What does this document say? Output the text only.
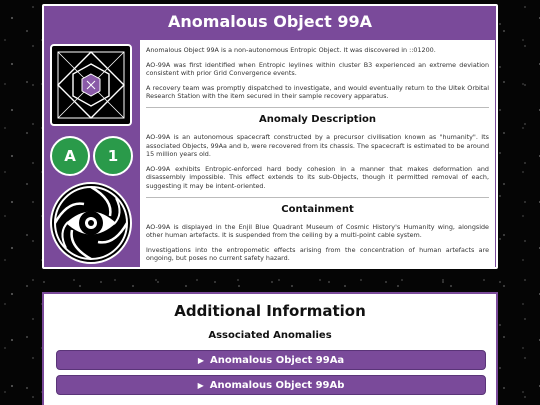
Anomalous Object 99A
A	1

Anomalous Object 99A is a non-autonomous Entropic Object. It was discovered in ::01200.

AO-99A was first identified when Entropic leylines within cluster B3 experienced an extreme deviation consistent with prior Grid Convergence events.

A recovery team was promptly dispatched to investigate, and would eventually return to the Ultek Orbital Research Station with the item secured in their sample recovery apparatus.

Anomaly Description

AO-99A is an autonomous spacecraft constructed by a precursor civilisation known as "humanity". Its associated Objects, 99Aa and b, were recovered from its chassis. The spacecraft is estimated to be around 15 million years old.

AO-99A exhibits Entropic-enforced hard body cohesion in a manner that makes deformation and disassembly impossible. This effect extends to its sub-Objects, though it permitted removal of each, suggesting it may be intent-oriented.

Containment

AO-99A is displayed in the Enjil Blue Quadrant Museum of Cosmic History's Humanity wing, alongside other human artefacts. It is suspended from the ceiling by a multi-point cable system.

Investigations into the entropometic effects arising from the concentration of human artefacts are ongoing, but poses no current safety hazard.

Additional Information
Associated Anomalies
▶ Anomalous Object 99Aa
▶ Anomalous Object 99Ab
